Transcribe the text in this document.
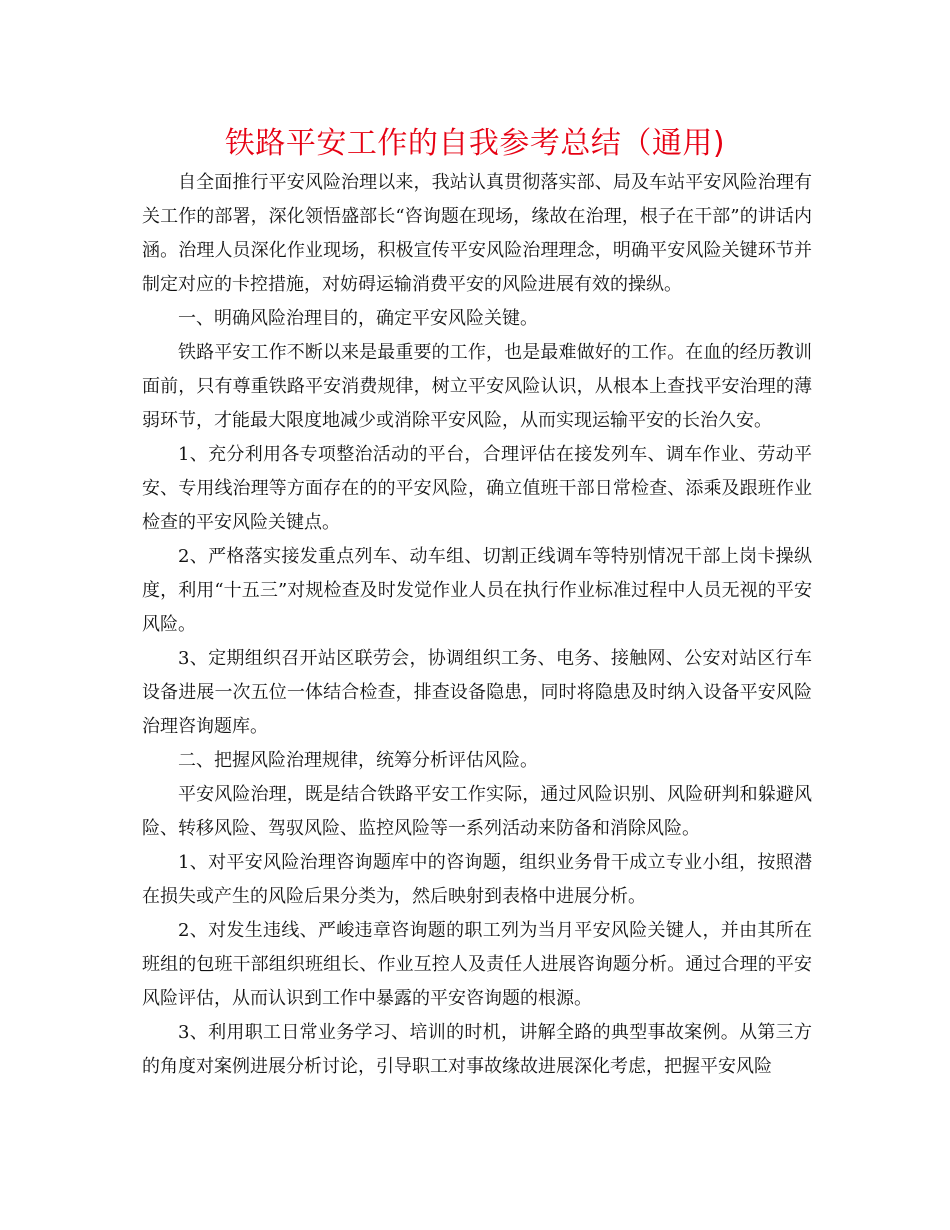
铁路平安工作的自我参考总结（通用)

自全面推行平安风险治理以来，我站认真贯彻落实部、局及车站平安风险治理有关工作的部署，深化领悟盛部长“咨询题在现场，缘故在治理，根子在干部”的讲话内涵。治理人员深化作业现场，积极宣传平安风险治理理念，明确平安风险关键环节并制定对应的卡控措施，对妨碍运输消费平安的风险进展有效的操纵。

一、明确风险治理目的，确定平安风险关键。

铁路平安工作不断以来是最重要的工作，也是最难做好的工作。在血的经历教训面前，只有尊重铁路平安消费规律，树立平安风险认识，从根本上查找平安治理的薄弱环节，才能最大限度地减少或消除平安风险，从而实现运输平安的长治久安。

1、充分利用各专项整治活动的平台，合理评估在接发列车、调车作业、劳动平安、专用线治理等方面存在的的平安风险，确立值班干部日常检查、添乘及跟班作业检查的平安风险关键点。

2、严格落实接发重点列车、动车组、切割正线调车等特别情况干部上岗卡操纵度，利用“十五三”对规检查及时发觉作业人员在执行作业标准过程中人员无视的平安风险。

3、定期组织召开站区联劳会，协调组织工务、电务、接触网、公安对站区行车设备进展一次五位一体结合检查，排查设备隐患，同时将隐患及时纳入设备平安风险治理咨询题库。

二、把握风险治理规律，统筹分析评估风险。

平安风险治理，既是结合铁路平安工作实际，通过风险识别、风险研判和躲避风险、转移风险、驾驭风险、监控风险等一系列活动来防备和消除风险。

1、对平安风险治理咨询题库中的咨询题，组织业务骨干成立专业小组，按照潜在损失或产生的风险后果分类为，然后映射到表格中进展分析。

2、对发生违线、严峻违章咨询题的职工列为当月平安风险关键人，并由其所在班组的包班干部组织班组长、作业互控人及责任人进展咨询题分析。通过合理的平安风险评估，从而认识到工作中暴露的平安咨询题的根源。

3、利用职工日常业务学习、培训的时机，讲解全路的典型事故案例。从第三方的角度对案例进展分析讨论，引导职工对事故缘故进展深化考虑，把握平安风险
